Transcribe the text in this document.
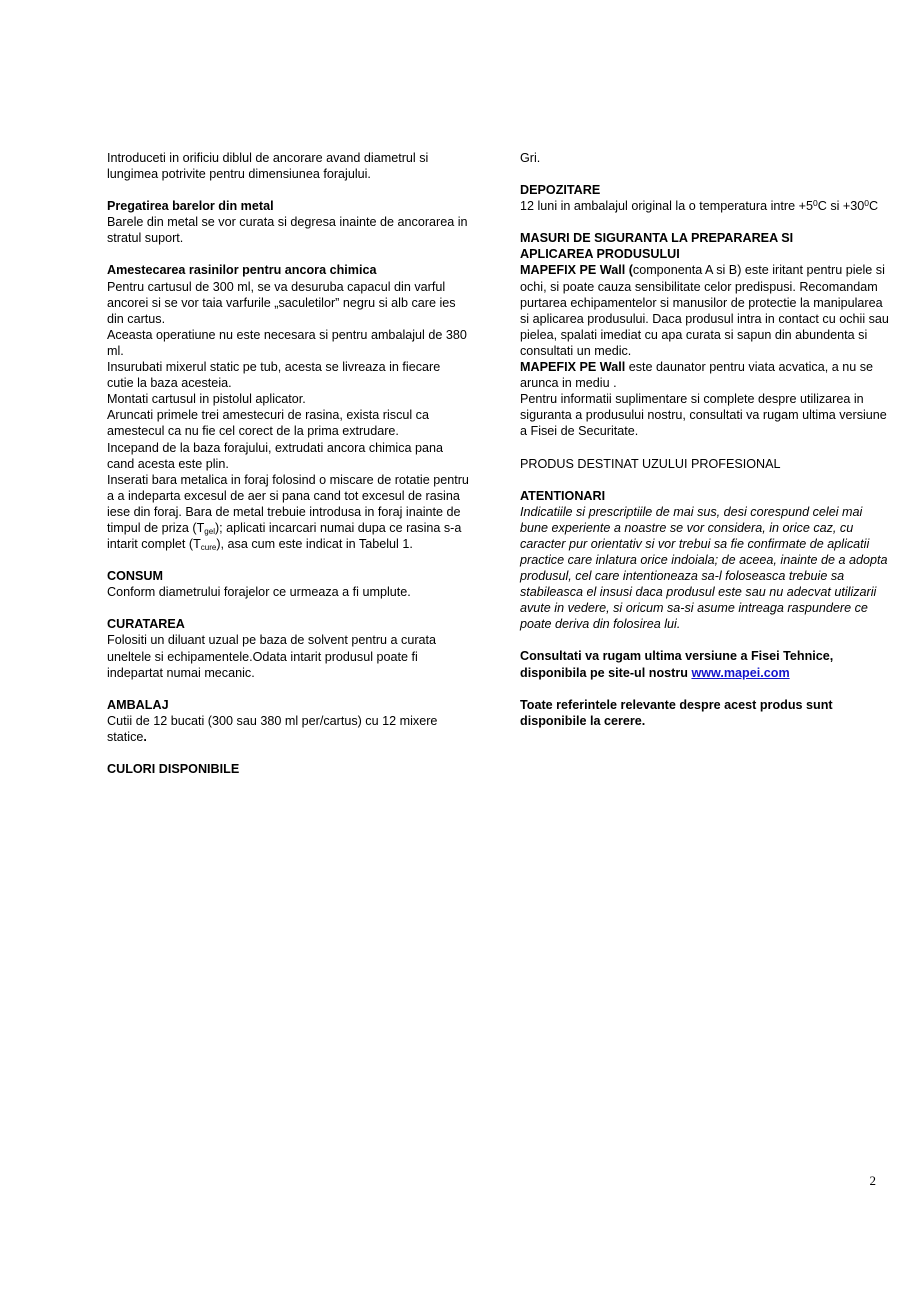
Introduceti in orificiu diblul de ancorare avand diametrul si lungimea potrivite pentru dimensiunea forajului.

Pregatirea barelor din metal

Barele din metal se vor curata si degresa inainte de ancorarea in stratul suport.

Amestecarea rasinilor pentru ancora chimica

Pentru cartusul de 300 ml, se va desuruba capacul din varful ancorei si se vor taia varfurile „saculetilor” negru si alb care ies din cartus.

Aceasta operatiune nu este necesara si pentru ambalajul de 380 ml.

Insurubati mixerul static pe tub, acesta se livreaza in fiecare cutie la baza acesteia.

Montati cartusul in pistolul aplicator.

Aruncati primele trei amestecuri de rasina, exista riscul ca amestecul ca nu fie cel corect de la prima extrudare.

Incepand de la baza forajului, extrudati ancora chimica pana cand acesta este plin.

Inserati bara metalica in foraj folosind o miscare de rotatie pentru a a indeparta excesul de aer si pana cand tot excesul de rasina iese din foraj. Bara de metal trebuie introdusa in foraj inainte de timpul de priza $(T_{gel})$; aplicati incarcari numai dupa ce rasina s-a intarit complet $(T_{cure})$, asa cum este indicat in Tabelul 1.

CONSUM

Conform diametrului forajelor ce urmeaza a fi umplute.

CURATAREA

Folositi un diluant uzual pe baza de solvent pentru a curata uneltele si echipamentele.Odata intarit produsul poate fi indepartat numai mecanic.

AMBALAJ

Cutii de 12 bucati (300 sau 380 ml per/cartus) cu 12 mixere statice.

CULORI DISPONIBILE

Gri.

DEPOZITARE

12 luni in ambalajul original la o temperatura intre $+5^0C$ si $+30^0C$

MASURI DE SIGURANTA LA PREPARAREA SI

APLICAREA PRODUSULUI

MAPEFIX PE Wall (componenta A si B) este iritant pentru piele si ochi, si poate cauza sensibilitate celor predispusi. Recomandam purtarea echipamentelor si manusilor de protectie la manipularea si aplicarea produsului. Daca produsul intra in contact cu ochii sau pielea, spalati imediat cu apa curata si sapun din abundenta si consultati un medic.

MAPEFIX PE Wall este daunator pentru viata acvatica, a nu se arunca in mediu .

Pentru informatii suplimentare si complete despre utilizarea in siguranta a produsului nostru, consultati va rugam ultima versiune a Fisei de Securitate.

PRODUS DESTINAT UZULUI PROFESIONAL

ATENTIONARI

Indicatiile si prescriptiile de mai sus, desi corespund celei mai bune experiente a noastre se vor considera, in orice caz, cu caracter pur orientativ si vor trebui sa fie confirmate de aplicatii practice care inlatura orice indoiala; de aceea, inainte de a adopta produsul, cel care intentioneaza sa-l foloseasca trebuie sa stabileasca el insusi daca produsul este sau nu adecvat utilizarii avute in vedere, si oricum sa-si asume intreaga raspundere ce poate deriva din folosirea lui.

Consultati va rugam ultima versiune a Fisei Tehnice, disponibila pe site-ul nostru www.mapei.com

Toate referintele relevante despre acest produs sunt disponibile la cerere.

2
